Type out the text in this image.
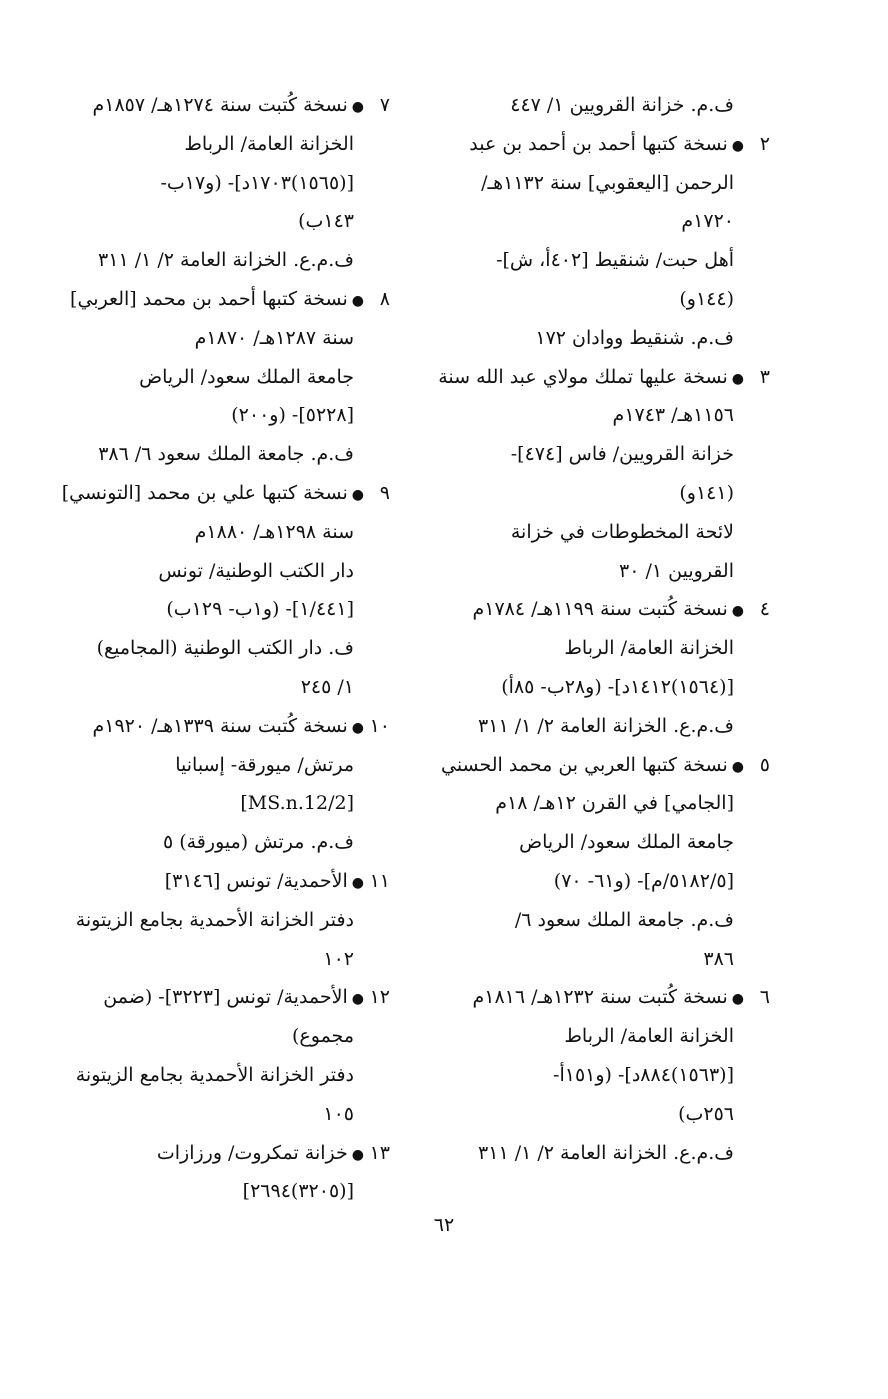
ف.م. خزانة القرويين ١/ ٤٤٧
٢●نسخة كتبها أحمد بن أحمد بن عبد
الرحمن [اليعقوبي] سنة ١١٣٢هـ/
١٧٢٠م
أهل حبت/ شنقيط [٤٠٢أ، ش]-
(١٤٤و)
ف.م. شنقيط ووادان ١٧٢
٣●نسخة عليها تملك مولاي عبد الله سنة
١١٥٦هـ/ ١٧٤٣م
خزانة القرويين/ فاس [٤٧٤]-
(١٤١و)
لائحة المخطوطات في خزانة
القرويين ١/ ٣٠
٤●نسخة كُتبت سنة ١١٩٩هـ/ ١٧٨٤م
الخزانة العامة/ الرباط
[(١٥٦٤)١٤١٢د]- (و٢٨ب- ٨٥أ)
ف.م.ع. الخزانة العامة ٢/ ١/ ٣١١
٥●نسخة كتبها العربي بن محمد الحسني
[الجامي] في القرن ١٢هـ/ ١٨م
جامعة الملك سعود/ الرياض
[٥١٨٢/٥/م]- (و٦١- ٧٠)
ف.م. جامعة الملك سعود ٦/
٣٨٦
٦●نسخة كُتبت سنة ١٢٣٢هـ/ ١٨١٦م
الخزانة العامة/ الرباط
[(١٥٦٣)٨٨٤د]- (و١٥١أ-
٢٥٦ب)
ف.م.ع. الخزانة العامة ٢/ ١/ ٣١١
٧●نسخة كُتبت سنة ١٢٧٤هـ/ ١٨٥٧م
الخزانة العامة/ الرباط
[(١٥٦٥)١٧٠٣د]- (و١٧ب-
١٤٣ب)
ف.م.ع. الخزانة العامة ٢/ ١/ ٣١١
٨●نسخة كتبها أحمد بن محمد [العربي]
سنة ١٢٨٧هـ/ ١٨٧٠م
جامعة الملك سعود/ الرياض
[٥٢٢٨]- (و٢٠٠)
ف.م. جامعة الملك سعود ٦/ ٣٨٦
٩●نسخة كتبها علي بن محمد [التونسي]
سنة ١٢٩٨هـ/ ١٨٨٠م
دار الكتب الوطنية/ تونس
[١/٤٤١]- (و١ب- ١٢٩ب)
ف. دار الكتب الوطنية (المجاميع)
١/ ٢٤٥
١٠●نسخة كُتبت سنة ١٣٣٩هـ/ ١٩٢٠م
مرتش/ ميورقة- إسبانيا
[MS.n.12/2]
ف.م. مرتش (ميورقة) ٥
١١●الأحمدية/ تونس [٣١٤٦]
دفتر الخزانة الأحمدية بجامع الزيتونة
١٠٢
١٢●الأحمدية/ تونس [٣٢٢٣]- (ضمن
مجموع)
دفتر الخزانة الأحمدية بجامع الزيتونة
١٠٥
١٣●خزانة تمكروت/ ورزازات
[(٣٢٠٥)٢٦٩٤]
٦٢
